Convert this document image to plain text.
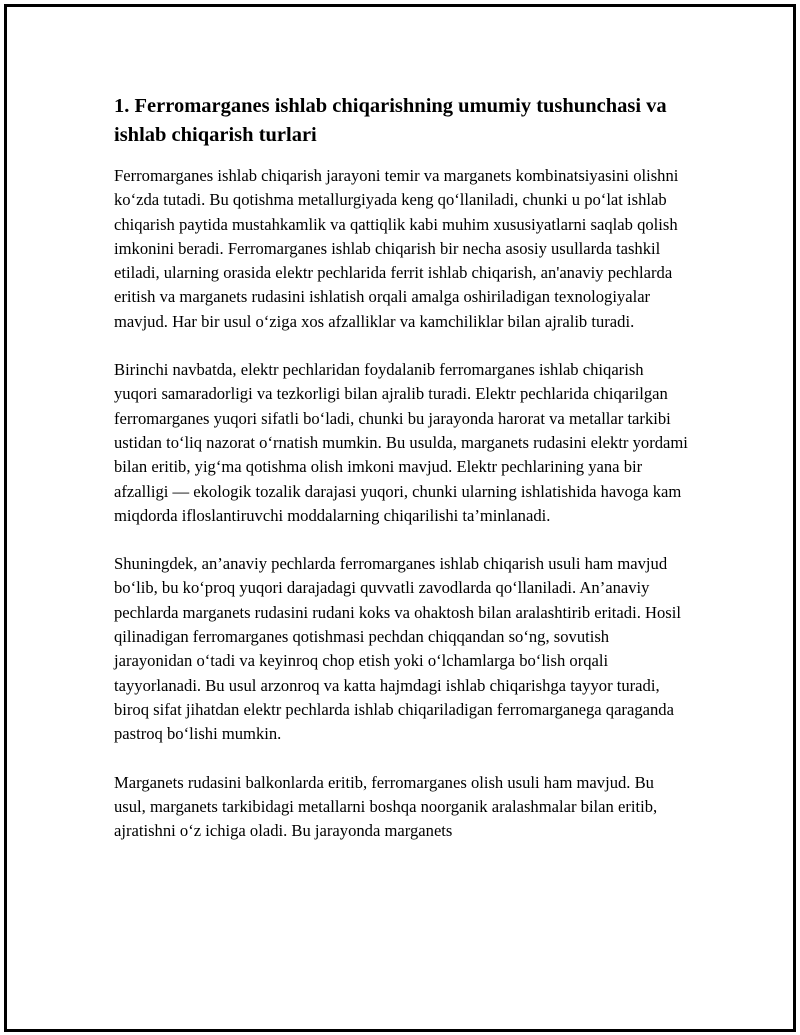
1. Ferromarganes ishlab chiqarishning umumiy tushunchasi va ishlab chiqarish turlari

Ferromarganes ishlab chiqarish jarayoni temir va marganets kombinatsiyasini olishni ko‘zda tutadi. Bu qotishma metallurgiyada keng qo‘llaniladi, chunki u po‘lat ishlab chiqarish paytida mustahkamlik va qattiqlik kabi muhim xususiyatlarni saqlab qolish imkonini beradi. Ferromarganes ishlab chiqarish bir necha asosiy usullarda tashkil etiladi, ularning orasida elektr pechlarida ferrit ishlab chiqarish, an'anaviy pechlarda eritish va marganets rudasini ishlatish orqali amalga oshiriladigan texnologiyalar mavjud. Har bir usul o‘ziga xos afzalliklar va kamchiliklar bilan ajralib turadi.

Birinchi navbatda, elektr pechlaridan foydalanib ferromarganes ishlab chiqarish yuqori samaradorligi va tezkorligi bilan ajralib turadi. Elektr pechlarida chiqarilgan ferromarganes yuqori sifatli bo‘ladi, chunki bu jarayonda harorat va metallar tarkibi ustidan to‘liq nazorat o‘rnatish mumkin. Bu usulda, marganets rudasini elektr yordami bilan eritib, yig‘ma qotishma olish imkoni mavjud. Elektr pechlarining yana bir afzalligi — ekologik tozalik darajasi yuqori, chunki ularning ishlatishida havoga kam miqdorda ifloslantiruvchi moddalarning chiqarilishi ta’minlanadi.

Shuningdek, an’anaviy pechlarda ferromarganes ishlab chiqarish usuli ham mavjud bo‘lib, bu ko‘proq yuqori darajadagi quvvatli zavodlarda qo‘llaniladi. An’anaviy pechlarda marganets rudasini rudani koks va ohaktosh bilan aralashtirib eritadi. Hosil qilinadigan ferromarganes qotishmasi pechdan chiqqandan so‘ng, sovutish jarayonidan o‘tadi va keyinroq chop etish yoki o‘lchamlarga bo‘lish orqali tayyorlanadi. Bu usul arzonroq va katta hajmdagi ishlab chiqarishga tayyor turadi, biroq sifat jihatdan elektr pechlarda ishlab chiqariladigan ferromarganega qaraganda pastroq bo‘lishi mumkin.

Marganets rudasini balkonlarda eritib, ferromarganes olish usuli ham mavjud. Bu usul, marganets tarkibidagi metallarni boshqa noorganik aralashmalar bilan eritib, ajratishni o‘z ichiga oladi. Bu jarayonda marganets
